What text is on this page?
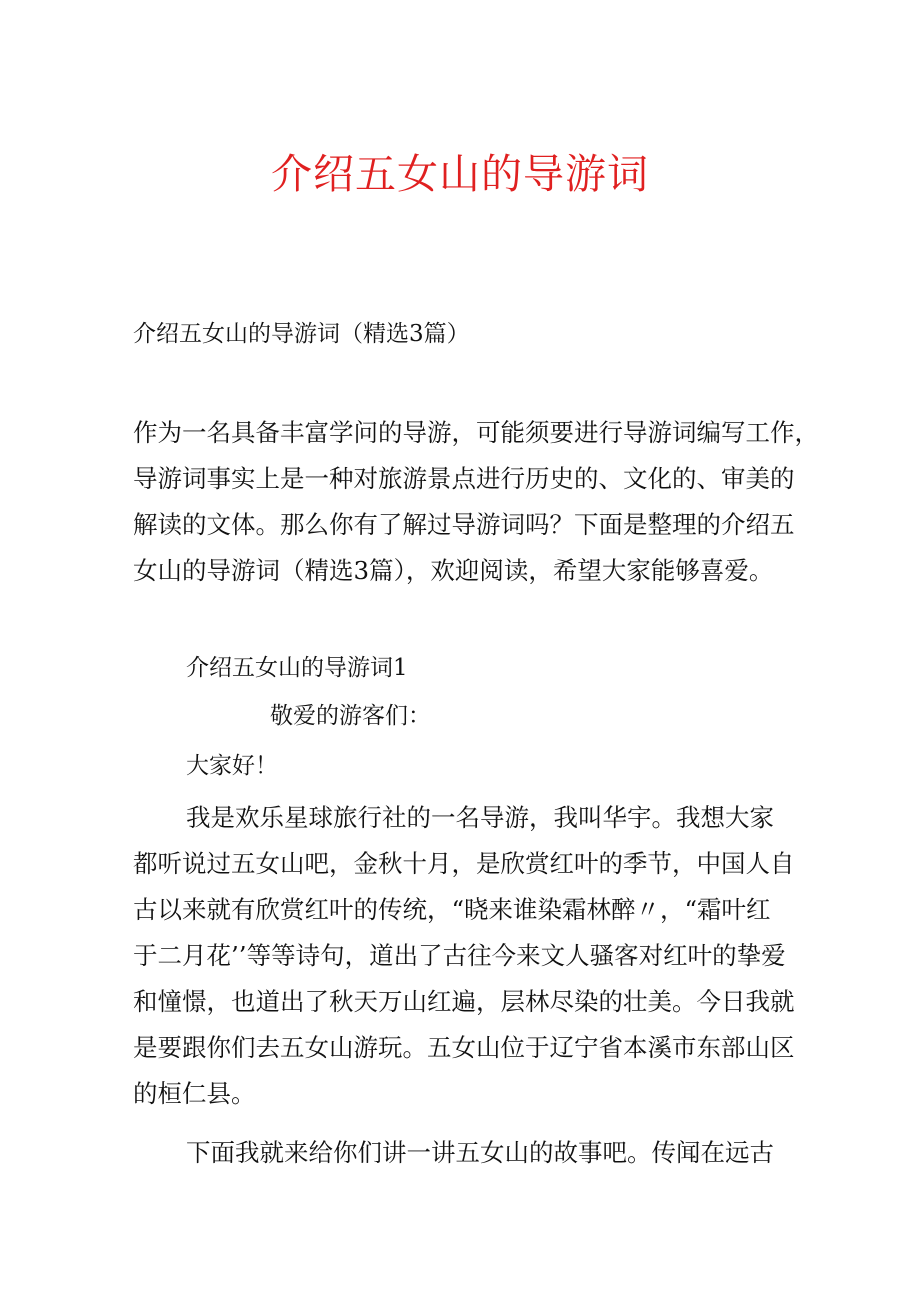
介绍五女山的导游词

介绍五女山的导游词（精选3篇）

作为一名具备丰富学问的导游，可能须要进行导游词编写工作，
导游词事实上是一种对旅游景点进行历史的、文化的、审美的
解读的文体。那么你有了解过导游词吗？下面是整理的介绍五
女山的导游词（精选3篇），欢迎阅读，希望大家能够喜爱。

介绍五女山的导游词1

敬爱的游客们：

大家好！

我是欢乐星球旅行社的一名导游，我叫华宇。我想大家
都听说过五女山吧，金秋十月，是欣赏红叶的季节，中国人自
古以来就有欣赏红叶的传统，“晓来谁染霜林醉〃，“霜叶红
于二月花’’等等诗句，道出了古往今来文人骚客对红叶的挚爱
和憧憬，也道出了秋天万山红遍，层林尽染的壮美。今日我就
是要跟你们去五女山游玩。五女山位于辽宁省本溪市东部山区
的桓仁县。

下面我就来给你们讲一讲五女山的故事吧。传闻在远古
